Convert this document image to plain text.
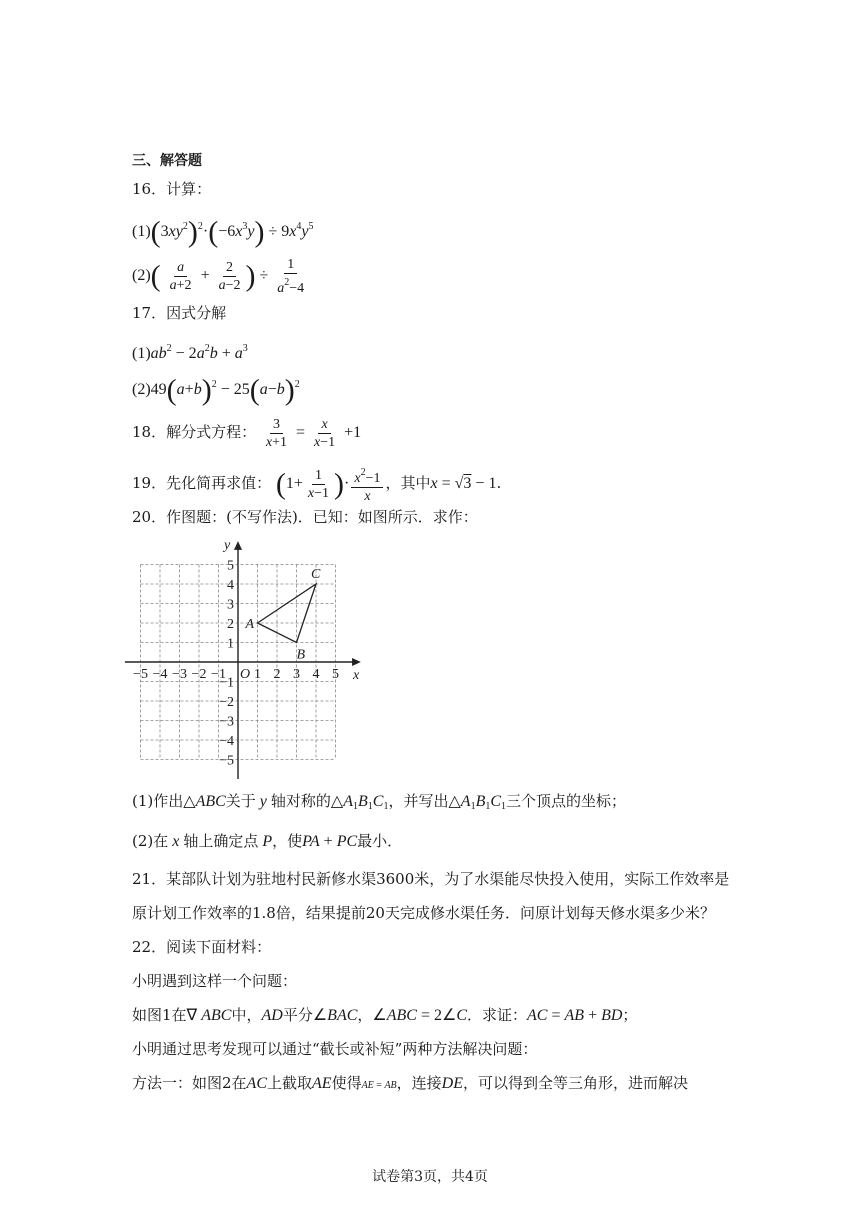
三、解答题
16．计算：
$(1)(3xy^2)^2\cdot(-6x^3y) \div 9x^4y^5$
$(2)( \frac{a}{a+2} + \frac{2}{a-2}$ ) ÷ $\frac{1}{a^2-4}$
17．因式分解
$(1)ab^2 - 2a^2b + a^3$
$(2)49(a+b)^2 - 25(a-b)^2$
18．解分式方程： $\frac{3}{x+1} = \frac{x}{x-1} +1$
19．先化简再求值： ($1+ \frac{1}{x-1}$ )· $\frac{x^2-1}{x}$ ，其中x = √3 − 1.
20．作图题：(不写作法)．已知：如图所示．求作：
−5 −4 −3 −2 −1 1 2 3 4 5
5
4
3
2
1
−1
−2
−3
−4
−5
O	x
y
A
B
C
(1)作出△ABC关于 y 轴对称的$\triangle A_1B_1C_1$，并写出$\triangle A_1B_1C_1$三个顶点的坐标；
(2)在 x 轴上确定点 P，使PA + PC最小．
21．某部队计划为驻地村民新修水渠3600米，为了水渠能尽快投入使用，实际工作效率是
原计划工作效率的1.8倍，结果提前20天完成修水渠任务．问原计划每天修水渠多少米？
22．阅读下面材料：
小明遇到这样一个问题：
如图1在∇ ABC中，AD平分∠BAC，∠ABC = 2∠C．求证：AC = AB + BD；
小明通过思考发现可以通过“截长或补短”两种方法解决问题：
方法一：如图2在AC上截取AE使得AE = AB，连接DE，可以得到全等三角形，进而解决
试卷第3页，共4页
